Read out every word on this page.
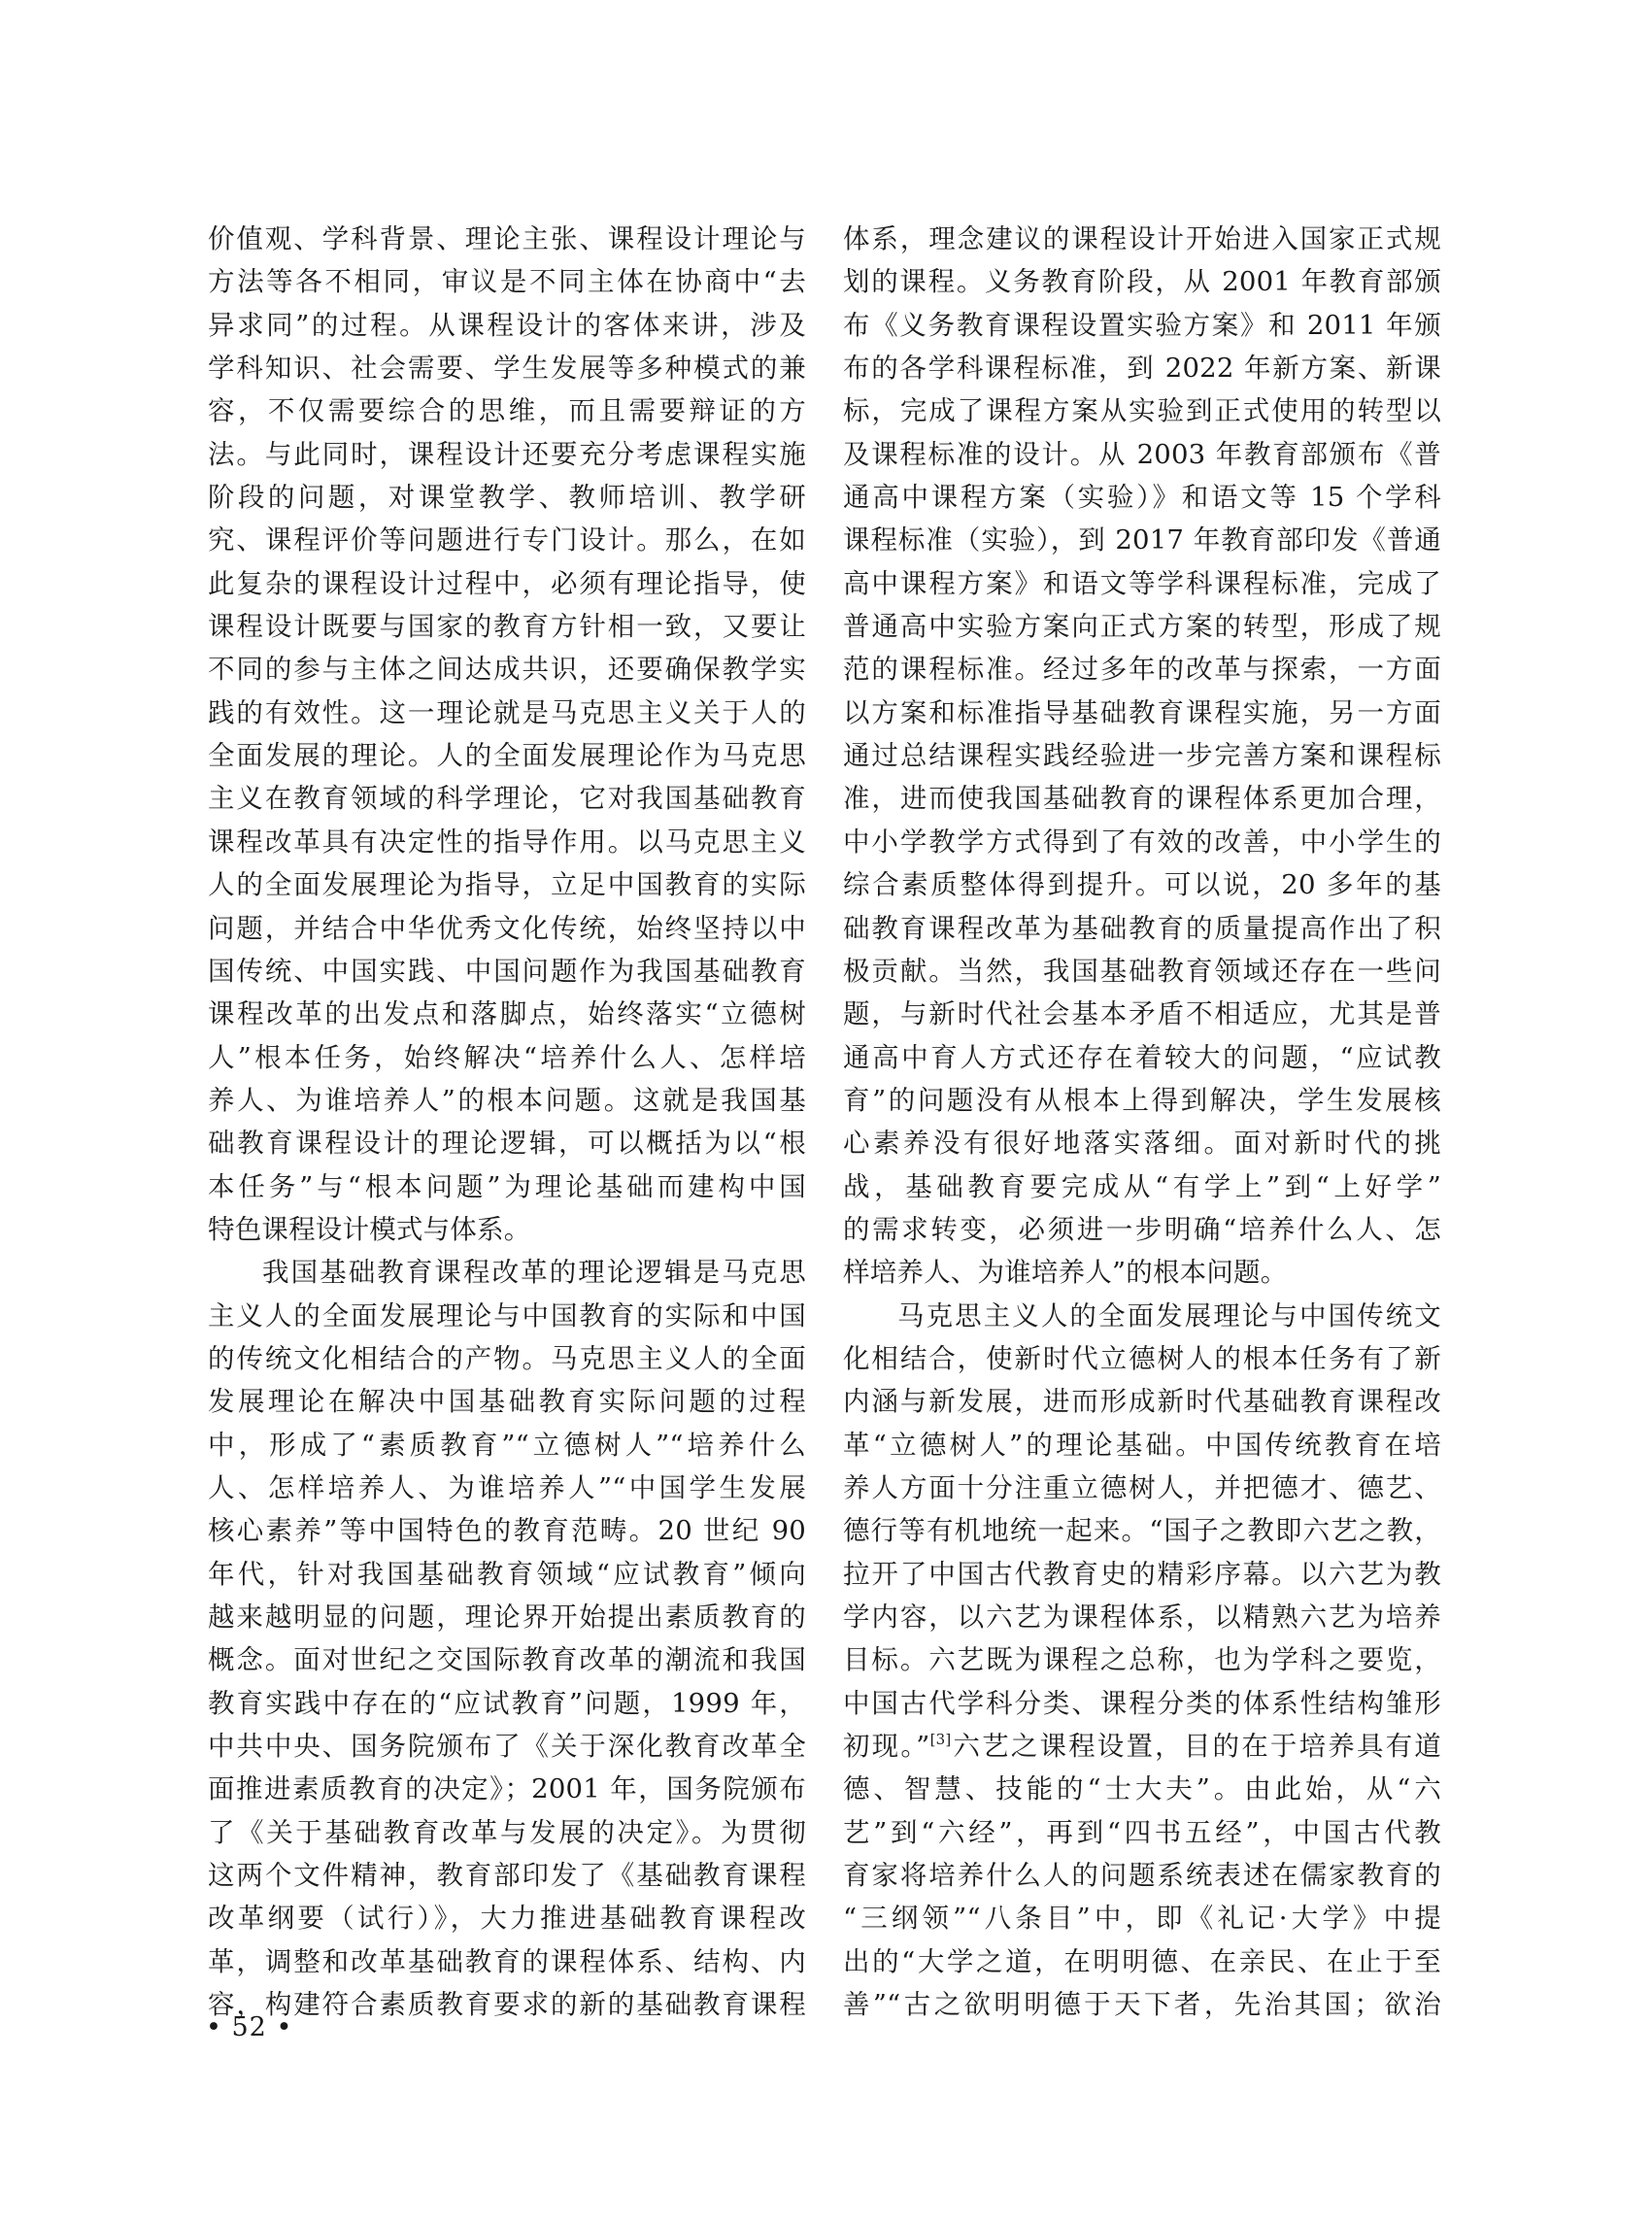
价值观、学科背景、理论主张、课程设计理论与
方法等各不相同，审议是不同主体在协商中“去
异求同”的过程。从课程设计的客体来讲，涉及
学科知识、社会需要、学生发展等多种模式的兼
容，不仅需要综合的思维，而且需要辩证的方
法。与此同时，课程设计还要充分考虑课程实施
阶段的问题，对课堂教学、教师培训、教学研
究、课程评价等问题进行专门设计。那么，在如
此复杂的课程设计过程中，必须有理论指导，使
课程设计既要与国家的教育方针相一致，又要让
不同的参与主体之间达成共识，还要确保教学实
践的有效性。这一理论就是马克思主义关于人的
全面发展的理论。人的全面发展理论作为马克思
主义在教育领域的科学理论，它对我国基础教育
课程改革具有决定性的指导作用。以马克思主义
人的全面发展理论为指导，立足中国教育的实际
问题，并结合中华优秀文化传统，始终坚持以中
国传统、中国实践、中国问题作为我国基础教育
课程改革的出发点和落脚点，始终落实“立德树
人”根本任务，始终解决“培养什么人、怎样培
养人、为谁培养人”的根本问题。这就是我国基
础教育课程设计的理论逻辑，可以概括为以“根
本任务”与“根本问题”为理论基础而建构中国
特色课程设计模式与体系。
我国基础教育课程改革的理论逻辑是马克思
主义人的全面发展理论与中国教育的实际和中国
的传统文化相结合的产物。马克思主义人的全面
发展理论在解决中国基础教育实际问题的过程
中，形成了“素质教育”“立德树人”“培养什么
人、怎样培养人、为谁培养人”“中国学生发展
核心素养”等中国特色的教育范畴。20 世纪 90
年代，针对我国基础教育领域“应试教育”倾向
越来越明显的问题，理论界开始提出素质教育的
概念。面对世纪之交国际教育改革的潮流和我国
教育实践中存在的“应试教育”问题，1999 年，
中共中央、国务院颁布了《关于深化教育改革全
面推进素质教育的决定》；2001 年，国务院颁布
了《关于基础教育改革与发展的决定》。为贯彻
这两个文件精神，教育部印发了《基础教育课程
改革纲要（试行）》，大力推进基础教育课程改
革，调整和改革基础教育的课程体系、结构、内
容，构建符合素质教育要求的新的基础教育课程
体系，理念建议的课程设计开始进入国家正式规
划的课程。义务教育阶段，从 2001 年教育部颁
布《义务教育课程设置实验方案》和 2011 年颁
布的各学科课程标准，到 2022 年新方案、新课
标，完成了课程方案从实验到正式使用的转型以
及课程标准的设计。从 2003 年教育部颁布《普
通高中课程方案（实验）》和语文等 15 个学科
课程标准（实验），到 2017 年教育部印发《普通
高中课程方案》和语文等学科课程标准，完成了
普通高中实验方案向正式方案的转型，形成了规
范的课程标准。经过多年的改革与探索，一方面
以方案和标准指导基础教育课程实施，另一方面
通过总结课程实践经验进一步完善方案和课程标
准，进而使我国基础教育的课程体系更加合理，
中小学教学方式得到了有效的改善，中小学生的
综合素质整体得到提升。可以说，20 多年的基
础教育课程改革为基础教育的质量提高作出了积
极贡献。当然，我国基础教育领域还存在一些问
题，与新时代社会基本矛盾不相适应，尤其是普
通高中育人方式还存在着较大的问题，“应试教
育”的问题没有从根本上得到解决，学生发展核
心素养没有很好地落实落细。面对新时代的挑
战，基础教育要完成从“有学上”到“上好学”
的需求转变，必须进一步明确“培养什么人、怎
样培养人、为谁培养人”的根本问题。
马克思主义人的全面发展理论与中国传统文
化相结合，使新时代立德树人的根本任务有了新
内涵与新发展，进而形成新时代基础教育课程改
革“立德树人”的理论基础。中国传统教育在培
养人方面十分注重立德树人，并把德才、德艺、
德行等有机地统一起来。“国子之教即六艺之教，
拉开了中国古代教育史的精彩序幕。以六艺为教
学内容，以六艺为课程体系，以精熟六艺为培养
目标。六艺既为课程之总称，也为学科之要览，
中国古代学科分类、课程分类的体系性结构雏形
初现。”[3]六艺之课程设置，目的在于培养具有道
德、智慧、技能的“士大夫”。由此始，从“六
艺”到“六经”，再到“四书五经”，中国古代教
育家将培养什么人的问题系统表述在儒家教育的
“三纲领”“八条目”中，即《礼记·大学》中提
出的“大学之道，在明明德、在亲民、在止于至
善”“古之欲明明德于天下者，先治其国；欲治
• 52 •
